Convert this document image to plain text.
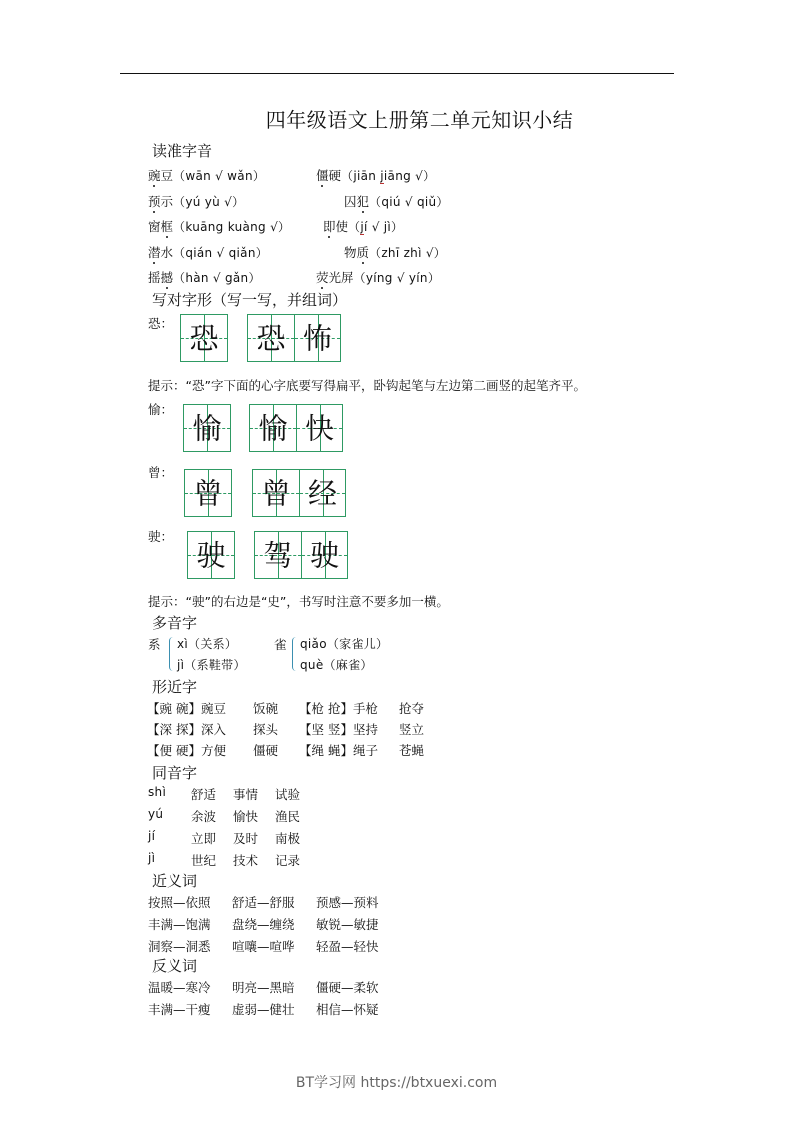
四年级语文上册第二单元知识小结
读准字音
豌豆（wān √ wǎn）	僵硬（jiān jiāng √）
预示（yú yù √）	囚犯（qiú √ qiǔ）
窗框（kuāng kuàng √）	即使（jí √ jì）
潜水（qián √ qiǎn）	物质（zhī zhì √）
摇撼（hàn √ gǎn）	荧光屏（yíng √ yín）
写对字形（写一写，并组词）
恐： 恐 恐 怖
提示：“恐”字下面的心字底要写得扁平，卧钩起笔与左边第二画竖的起笔齐平。
愉：
愉 愉 快
曾：
曾 曾 经
驶：
驶 驾 驶
提示：“驶”的右边是“史”，书写时注意不要多加一横。
多音字
系 xì（关系）
jì（系鞋带）
雀 qiǎo（家雀儿）
què（麻雀）
形近字
【豌 碗】豌豆 饭碗 【枪 抢】手枪 抢夺
【深 探】深入 探头 【坚 竖】坚持 竖立
【便 硬】方便 僵硬 【绳 蝇】绳子 苍蝇
同音字
shì 舒适 事情 试验
yú 余波 愉快 渔民
jí	立即 及时 南极
jì	世纪 技术 记录
近义词
按照—依照 舒适—舒服 预感—预料
丰满—饱满 盘绕—缠绕 敏锐—敏捷
洞察—洞悉 喧嚷—喧哗 轻盈—轻快
反义词
温暖—寒冷 明亮—黑暗 僵硬—柔软
丰满—干瘦 虚弱—健壮 相信—怀疑
BT学习网 https://btxuexi.com
